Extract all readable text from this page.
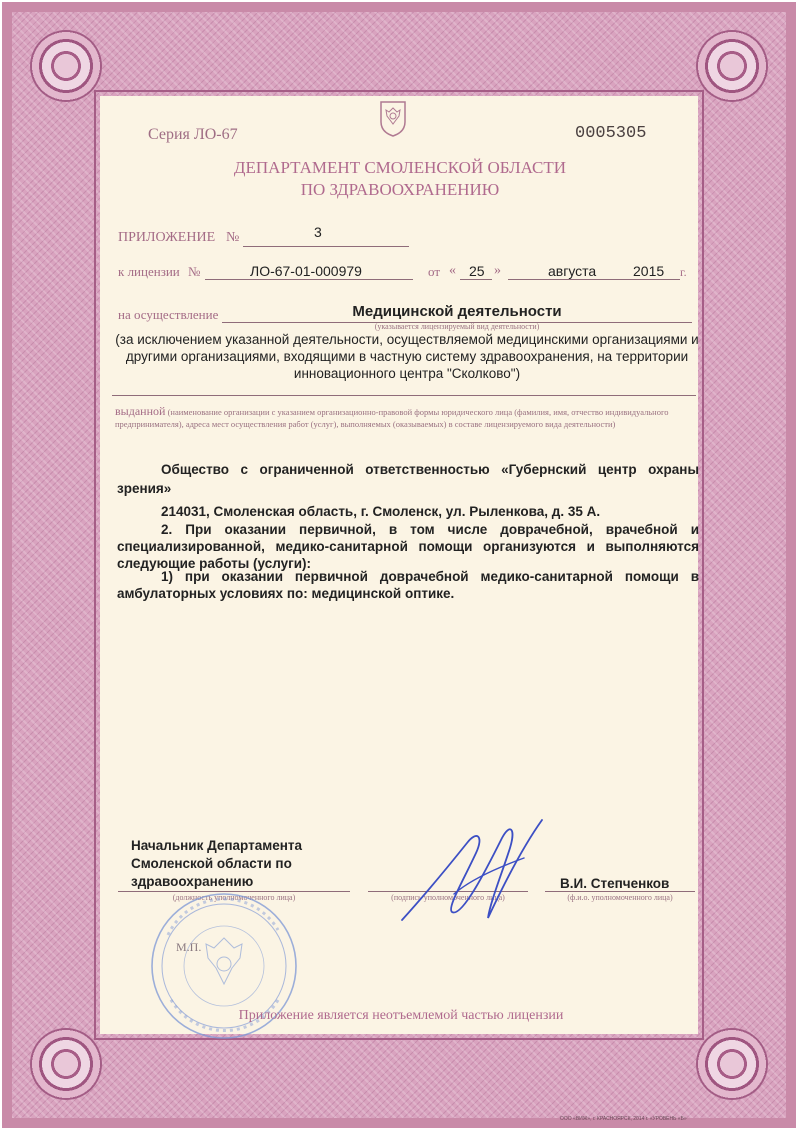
Серия ЛО-67	0005305
ДЕПАРТАМЕНТ СМОЛЕНСКОЙ ОБЛАСТИ
ПО ЗДРАВООХРАНЕНИЮ
ПРИЛОЖЕНИЕ №	3
к лицензии №	ЛО-67-01-000979	от « 25 »	августа	2015 г.
на осуществление	Медицинской деятельности
(указывается лицензируемый вид деятельности)
(за исключением указанной деятельности, осуществляемой медицинскими организациями и другими организациями, входящими в частную систему здравоохранения, на территории инновационного центра "Сколково")
выданной (наименование организации с указанием организационно-правовой формы юридического лица (фамилия, имя, отчество индивидуального предпринимателя), адреса мест осуществления работ (услуг), выполняемых (оказываемых) в составе лицензируемого вида деятельности)
Общество с ограниченной ответственностью «Губернский центр охраны зрения»
214031, Смоленская область, г. Смоленск, ул. Рыленкова, д. 35 А.
2. При оказании первичной, в том числе доврачебной, врачебной и специализированной, медико-санитарной помощи организуются и выполняются следующие работы (услуги):
1) при оказании первичной доврачебной медико-санитарной помощи в амбулаторных условиях по: медицинской оптике.
Начальник Департамента
Смоленской области по
здравоохранению
(должность уполномоченного лица)	(подпись уполномоченного лица)
В.И. Степченков
(ф.и.о. уполномоченного лица)
М.П.
Приложение является неотъемлемой частью лицензии
ООО «ВИЖ», г. КРАСНОЯРСК, 2014 г. «УРОВЕНЬ «Б»
